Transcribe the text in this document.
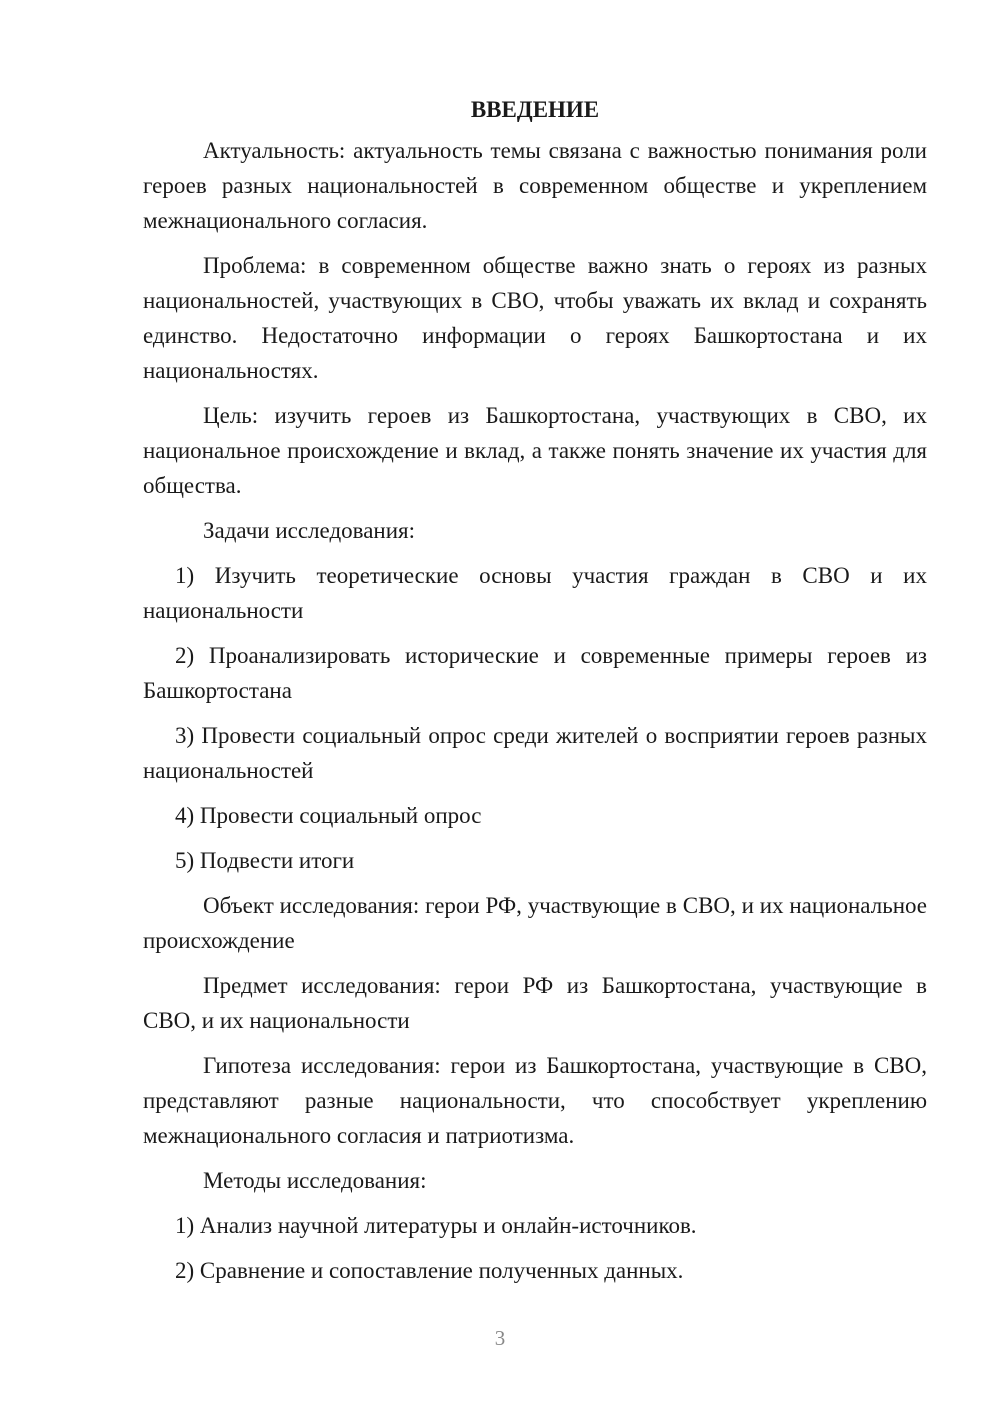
ВВЕДЕНИЕ

Актуальность: актуальность темы связана с важностью понимания роли героев разных национальностей в современном обществе и укреплением межнационального согласия.

Проблема: в современном обществе важно знать о героях из разных национальностей, участвующих в СВО, чтобы уважать их вклад и сохранять единство. Недостаточно информации о героях Башкортостана и их национальностях.

Цель: изучить героев из Башкортостана, участвующих в СВО, их национальное происхождение и вклад, а также понять значение их участия для общества.

Задачи исследования:

1) Изучить теоретические основы участия граждан в СВО и их национальности

2) Проанализировать исторические и современные примеры героев из Башкортостана

3) Провести социальный опрос среди жителей о восприятии героев разных национальностей

4) Провести социальный опрос

5) Подвести итоги

Объект исследования: герои РФ, участвующие в СВО, и их национальное происхождение

Предмет исследования: герои РФ из Башкортостана, участвующие в СВО, и их национальности

Гипотеза исследования: герои из Башкортостана, участвующие в СВО, представляют разные национальности, что способствует укреплению межнационального согласия и патриотизма.

Методы исследования:

1) Анализ научной литературы и онлайн-источников.

2) Сравнение и сопоставление полученных данных.

3
